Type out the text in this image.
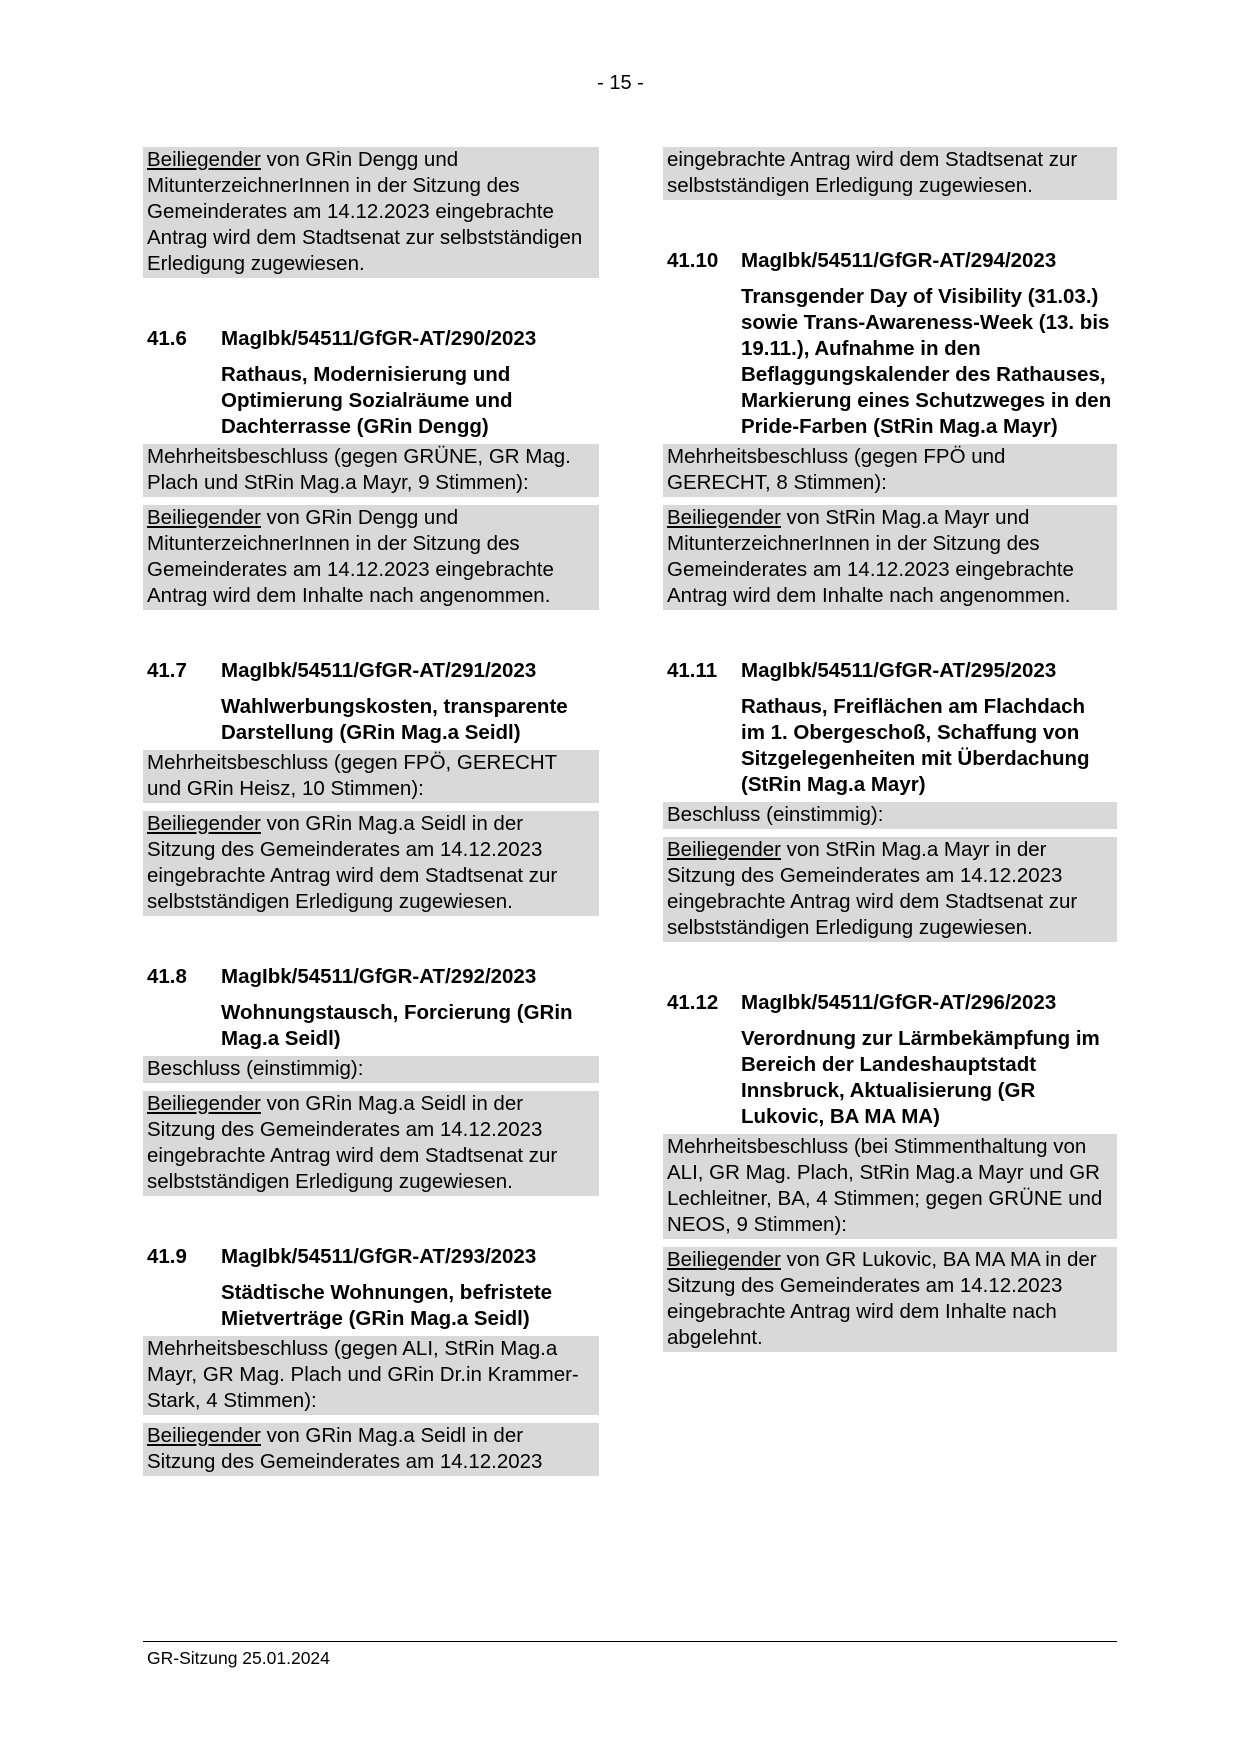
- 15 -

Beiliegender von GRin Dengg und MitunterzeichnerInnen in der Sitzung des Gemeinderates am 14.12.2023 eingebrachte Antrag wird dem Stadtsenat zur selbstständigen Erledigung zugewiesen.

41.6	MagIbk/54511/GfGR-AT/290/2023
Rathaus, Modernisierung und Optimierung Sozialräume und Dachterrasse (GRin Dengg)

Mehrheitsbeschluss (gegen GRÜNE, GR Mag. Plach und StRin Mag.a Mayr, 9 Stimmen):

Beiliegender von GRin Dengg und MitunterzeichnerInnen in der Sitzung des Gemeinderates am 14.12.2023 eingebrachte Antrag wird dem Inhalte nach angenommen.

41.7	MagIbk/54511/GfGR-AT/291/2023
Wahlwerbungskosten, transparente Darstellung (GRin Mag.a Seidl)

Mehrheitsbeschluss (gegen FPÖ, GERECHT und GRin Heisz, 10 Stimmen):

Beiliegender von GRin Mag.a Seidl in der Sitzung des Gemeinderates am 14.12.2023 eingebrachte Antrag wird dem Stadtsenat zur selbstständigen Erledigung zugewiesen.

41.8	MagIbk/54511/GfGR-AT/292/2023
Wohnungstausch, Forcierung (GRin Mag.a Seidl)

Beschluss (einstimmig):

Beiliegender von GRin Mag.a Seidl in der Sitzung des Gemeinderates am 14.12.2023 eingebrachte Antrag wird dem Stadtsenat zur selbstständigen Erledigung zugewiesen.

41.9	MagIbk/54511/GfGR-AT/293/2023
Städtische Wohnungen, befristete Mietverträge (GRin Mag.a Seidl)

Mehrheitsbeschluss (gegen ALI, StRin Mag.a Mayr, GR Mag. Plach und GRin Dr.in Krammer-Stark, 4 Stimmen):

Beiliegender von GRin Mag.a Seidl in der Sitzung des Gemeinderates am 14.12.2023

eingebrachte Antrag wird dem Stadtsenat zur selbstständigen Erledigung zugewiesen.

41.10	MagIbk/54511/GfGR-AT/294/2023
Transgender Day of Visibility (31.03.) sowie Trans-Awareness-Week (13. bis 19.11.), Aufnahme in den Beflaggungskalender des Rathauses, Markierung eines Schutzweges in den Pride-Farben (StRin Mag.a Mayr)

Mehrheitsbeschluss (gegen FPÖ und GERECHT, 8 Stimmen):

Beiliegender von StRin Mag.a Mayr und MitunterzeichnerInnen in der Sitzung des Gemeinderates am 14.12.2023 eingebrachte Antrag wird dem Inhalte nach angenommen.

41.11	MagIbk/54511/GfGR-AT/295/2023
Rathaus, Freiflächen am Flachdach im 1. Obergeschoß, Schaffung von Sitzgelegenheiten mit Überdachung (StRin Mag.a Mayr)

Beschluss (einstimmig):

Beiliegender von StRin Mag.a Mayr in der Sitzung des Gemeinderates am 14.12.2023 eingebrachte Antrag wird dem Stadtsenat zur selbstständigen Erledigung zugewiesen.

41.12	MagIbk/54511/GfGR-AT/296/2023
Verordnung zur Lärmbekämpfung im Bereich der Landeshauptstadt Innsbruck, Aktualisierung (GR Lukovic, BA MA MA)

Mehrheitsbeschluss (bei Stimmenthaltung von ALI, GR Mag. Plach, StRin Mag.a Mayr und GR Lechleitner, BA, 4 Stimmen; gegen GRÜNE und NEOS, 9 Stimmen):

Beiliegender von GR Lukovic, BA MA MA in der Sitzung des Gemeinderates am 14.12.2023 eingebrachte Antrag wird dem Inhalte nach abgelehnt.

GR-Sitzung 25.01.2024
